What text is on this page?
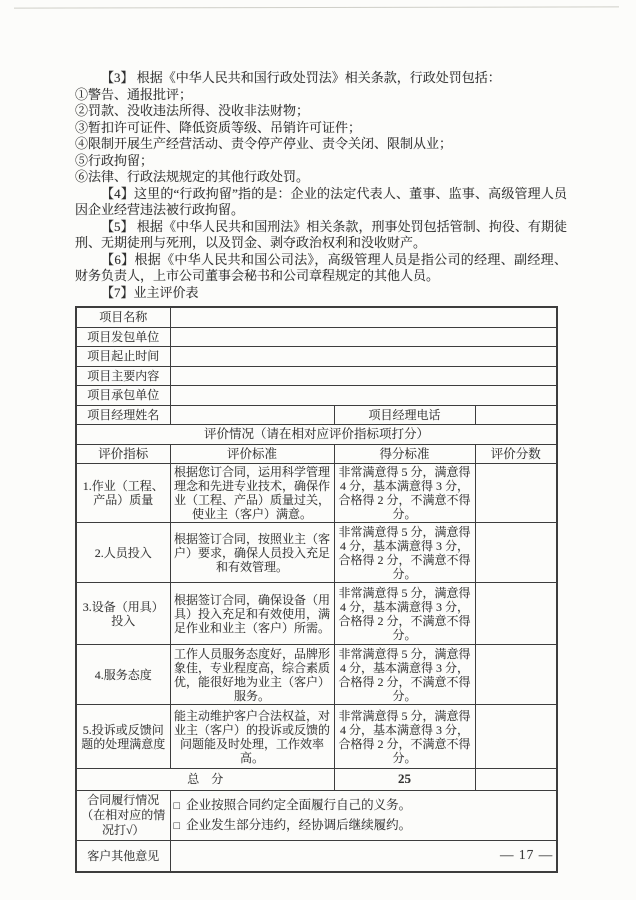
【3】 根据《中华人民共和国行政处罚法》相关条款，行政处罚包括：

①警告、通报批评；

②罚款、没收违法所得、没收非法财物；

③暂扣许可证件、降低资质等级、吊销许可证件；

④限制开展生产经营活动、责令停产停业、责令关闭、限制从业；

⑤行政拘留；

⑥法律、行政法规规定的其他行政处罚。

【4】这里的“行政拘留”指的是：企业的法定代表人、董事、监事、高级管理人员因企业经营违法被行政拘留。

【5】 根据《中华人民共和国刑法》相关条款，刑事处罚包括管制、拘役、有期徒刑、无期徒刑与死刑，以及罚金、剥夺政治权利和没收财产。

【6】根据《中华人民共和国公司法》，高级管理人员是指公司的经理、副经理、财务负责人，上市公司董事会秘书和公司章程规定的其他人员。

【7】业主评价表

项目名称			
项目发包单位			
项目起止时间			
项目主要内容			
项目承包单位			
项目经理姓名		项目经理电话	
评价情况（请在相对应评价指标项打分）			
评价指标	评价标准	得分标准	评价分数
1.作业（工程、产品）质量	根据您订合同，运用科学管理理念和先进专业技术，确保作业（工程、产品）质量过关，使业主（客户）满意。	非常满意得 5 分，满意得 4 分，基本满意得 3 分，合格得 2 分，不满意不得分。	
2.人员投入	根据签订合同，按照业主（客户）要求，确保人员投入充足和有效管理。	非常满意得 5 分，满意得 4 分，基本满意得 3 分，合格得 2 分，不满意不得分。	
3.设备（用具）投入	根据签订合同，确保设备（用具）投入充足和有效使用，满足作业和业主（客户）所需。	非常满意得 5 分，满意得 4 分，基本满意得 3 分，合格得 2 分，不满意不得分。	
4.服务态度	工作人员服务态度好，品牌形象佳，专业程度高，综合素质优，能很好地为业主（客户）服务。	非常满意得 5 分，满意得 4 分，基本满意得 3 分，合格得 2 分，不满意不得分。	
5.投诉或反馈问题的处理满意度	能主动维护客户合法权益，对业主（客户）的投诉或反馈的问题能及时处理，工作效率高。	非常满意得 5 分，满意得 4 分，基本满意得 3 分，合格得 2 分，不满意不得分。	
总　分		25	
合同履行情况（在相对应的情况打√）	□ 企业按照合同约定全面履行自己的义务。
□ 企业发生部分违约，经协调后继续履约。		

客户其他意见				— 17 —
